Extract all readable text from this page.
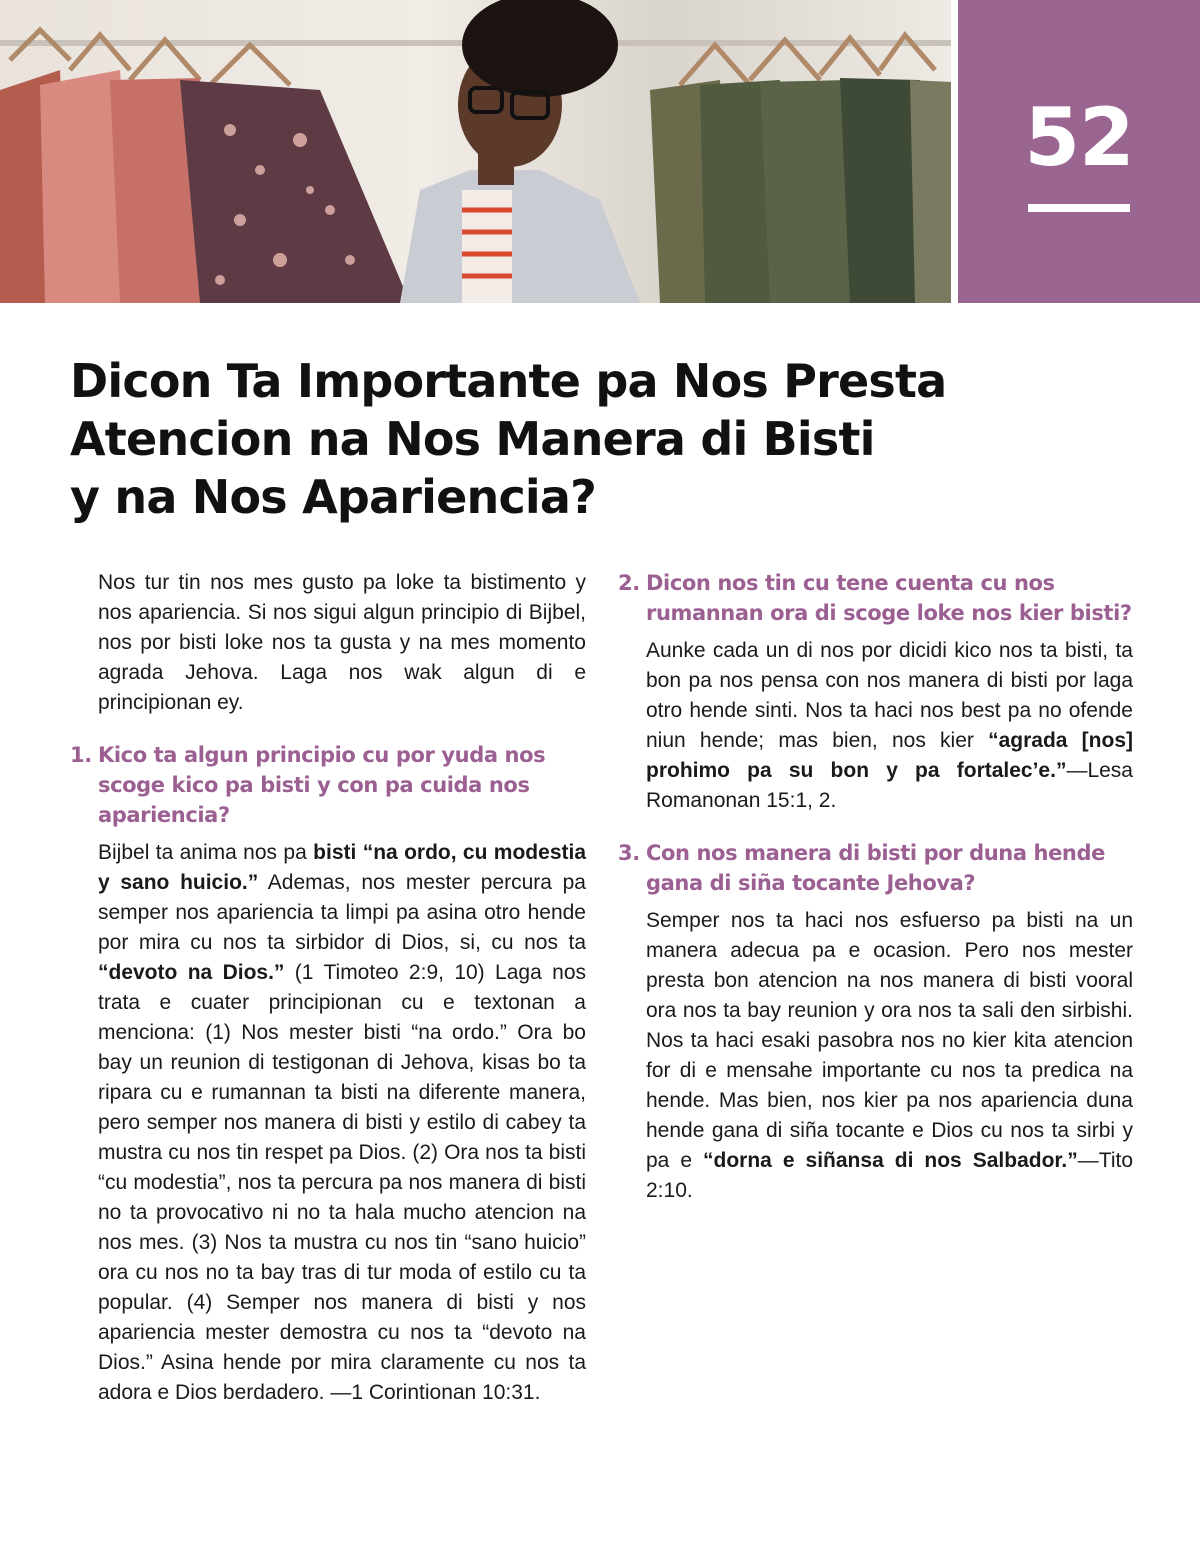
52
Dicon Ta Importante pa Nos Presta
Atencion na Nos Manera di Bisti
y na Nos Apariencia?

Nos tur tin nos mes gusto pa loke ta bistimento y nos apariencia. Si nos sigui algun principio di Bijbel, nos por bisti loke nos ta gusta y na mes momento agrada Jehova. Laga nos wak algun di e principionan ey.

1. Kico ta algun principio cu por yuda nos scoge kico pa bisti y con pa cuida nos apariencia?

Bijbel ta anima nos pa bisti “na ordo, cu modestia y sano huicio.” Ademas, nos mester percura pa semper nos apariencia ta limpi pa asina otro hende por mira cu nos ta sirbidor di Dios, si, cu nos ta “devoto na Dios.” (1 Timoteo 2:9, 10) Laga nos trata e cuater principionan cu e textonan a menciona: (1) Nos mester bisti “na ordo.” Ora bo bay un reunion di testigonan di Jehova, kisas bo ta ripara cu e rumannan ta bisti na diferente manera, pero semper nos manera di bisti y estilo di cabey ta mustra cu nos tin respet pa Dios. (2) Ora nos ta bisti “cu modestia”, nos ta percura pa nos manera di bisti no ta provocativo ni no ta hala mucho atencion na nos mes. (3) Nos ta mustra cu nos tin “sano huicio” ora cu nos no ta bay tras di tur moda of estilo cu ta popular. (4) Semper nos manera di bisti y nos apariencia mester demostra cu nos ta “devoto na Dios.” Asina hende por mira claramente cu nos ta adora e Dios berdadero. —1 Corintionan 10:31.

2. Dicon nos tin cu tene cuenta cu nos rumannan ora di scoge loke nos kier bisti?

Aunke cada un di nos por dicidi kico nos ta bisti, ta bon pa nos pensa con nos manera di bisti por laga otro hende sinti. Nos ta haci nos best pa no ofende niun hende; mas bien, nos kier “agrada [nos] prohimo pa su bon y pa fortalec’e.”—Lesa Romanonan 15:1, 2.

3. Con nos manera di bisti por duna hende gana di siña tocante Jehova?

Semper nos ta haci nos esfuerso pa bisti na un manera adecua pa e ocasion. Pero nos mester presta bon atencion na nos manera di bisti vooral ora nos ta bay reunion y ora nos ta sali den sirbishi. Nos ta haci esaki pasobra nos no kier kita atencion for di e mensahe importante cu nos ta predica na hende. Mas bien, nos kier pa nos apariencia duna hende gana di siña tocante e Dios cu nos ta sirbi y pa e “dorna e siñansa di nos Salbador.”—Tito 2:10.
